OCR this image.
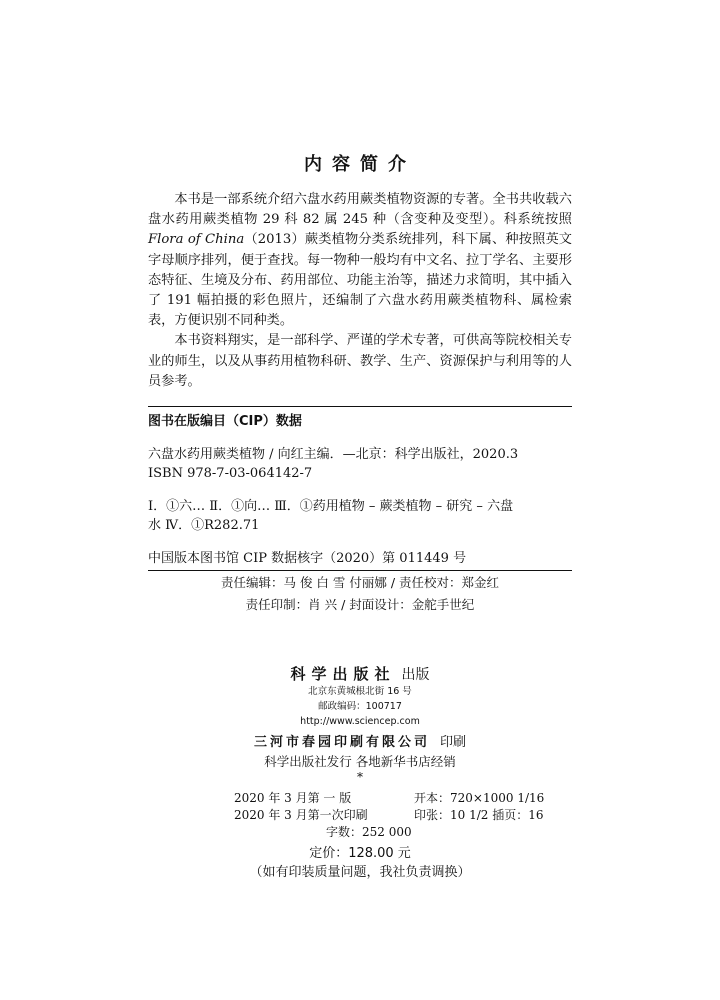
内容简介

本书是一部系统介绍六盘水药用蕨类植物资源的专著。全书共收载六盘水药用蕨类植物 29 科 82 属 245 种（含变种及变型）。科系统按照 Flora of China（2013）蕨类植物分类系统排列，科下属、种按照英文字母顺序排列，便于查找。每一物种一般均有中文名、拉丁学名、主要形态特征、生境及分布、药用部位、功能主治等，描述力求简明，其中插入了 191 幅拍摄的彩色照片，还编制了六盘水药用蕨类植物科、属检索表，方便识别不同种类。

本书资料翔实，是一部科学、严谨的学术专著，可供高等院校相关专业的师生，以及从事药用植物科研、教学、生产、资源保护与利用等的人员参考。

图书在版编目（CIP）数据

六盘水药用蕨类植物 / 向红主编．—北京：科学出版社，2020.3

ISBN 978-7-03-064142-7

Ⅰ．①六… Ⅱ．①向… Ⅲ．①药用植物 – 蕨类植物 – 研究 – 六盘

水 Ⅳ．①R282.71

中国版本图书馆 CIP 数据核字（2020）第 011449 号

责任编辑：马 俊 白 雪 付丽娜 / 责任校对：郑金红
责任印制：肖 兴 / 封面设计：金舵手世纪
科学出版社 出版
北京东黄城根北街 16 号
邮政编码：100717
http://www.sciencep.com
三河市春园印刷有限公司 印刷
科学出版社发行 各地新华书店经销
*
2020 年 3 月第 一 版	开本：720×1000 1/16
2020 年 3 月第一次印刷	印张：10 1/2 插页：16
字数：252 000
定价：128.00 元
（如有印装质量问题，我社负责调换）
